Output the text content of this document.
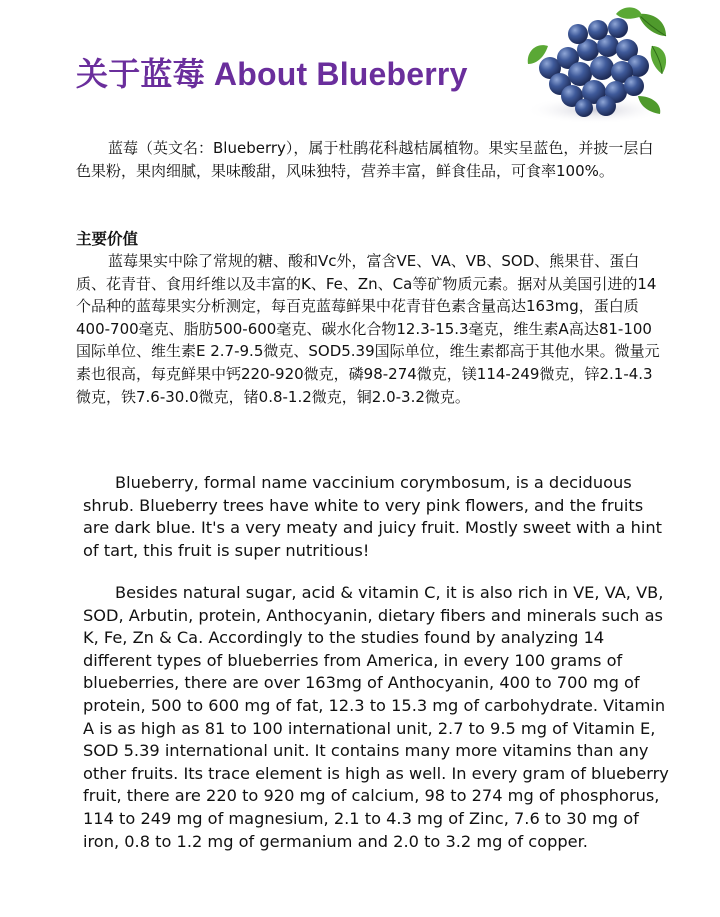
关于蓝莓 About Blueberry

蓝莓（英文名：Blueberry），属于杜鹃花科越桔属植物。果实呈蓝色，并披一层白色果粉，果肉细腻，果味酸甜，风味独特，营养丰富，鲜食佳品，可食率100%。

主要价值

蓝莓果实中除了常规的糖、酸和Vc外，富含VE、VA、VB、SOD、熊果苷、蛋白质、花青苷、食用纤维以及丰富的K、Fe、Zn、Ca等矿物质元素。据对从美国引进的14个品种的蓝莓果实分析测定，每百克蓝莓鲜果中花青苷色素含量高达163mg，蛋白质400-700毫克、脂肪500-600毫克、碳水化合物12.3-15.3毫克，维生素A高达81-100国际单位、维生素E 2.7-9.5微克、SOD5.39国际单位，维生素都高于其他水果。微量元素也很高，每克鲜果中钙220-920微克，磷98-274微克，镁114-249微克，锌2.1-4.3微克，铁7.6-30.0微克，锗0.8-1.2微克，铜2.0-3.2微克。

Blueberry, formal name vaccinium corymbosum, is a deciduous shrub. Blueberry trees have white to very pink flowers, and the fruits are dark blue. It's a very meaty and juicy fruit. Mostly sweet with a hint of tart, this fruit is super nutritious!

Besides natural sugar, acid & vitamin C, it is also rich in VE, VA, VB, SOD, Arbutin, protein, Anthocyanin, dietary fibers and minerals such as K, Fe, Zn & Ca. Accordingly to the studies found by analyzing 14 different types of blueberries from America, in every 100 grams of blueberries, there are over 163mg of Anthocyanin, 400 to 700 mg of protein, 500 to 600 mg of fat, 12.3 to 15.3 mg of carbohydrate. Vitamin A is as high as 81 to 100 international unit, 2.7 to 9.5 mg of Vitamin E, SOD 5.39 international unit. It contains many more vitamins than any other fruits. Its trace element is high as well. In every gram of blueberry fruit, there are 220 to 920 mg of calcium, 98 to 274 mg of phosphorus, 114 to 249 mg of magnesium, 2.1 to 4.3 mg of Zinc, 7.6 to 30 mg of iron, 0.8 to 1.2 mg of germanium and 2.0 to 3.2 mg of copper.
